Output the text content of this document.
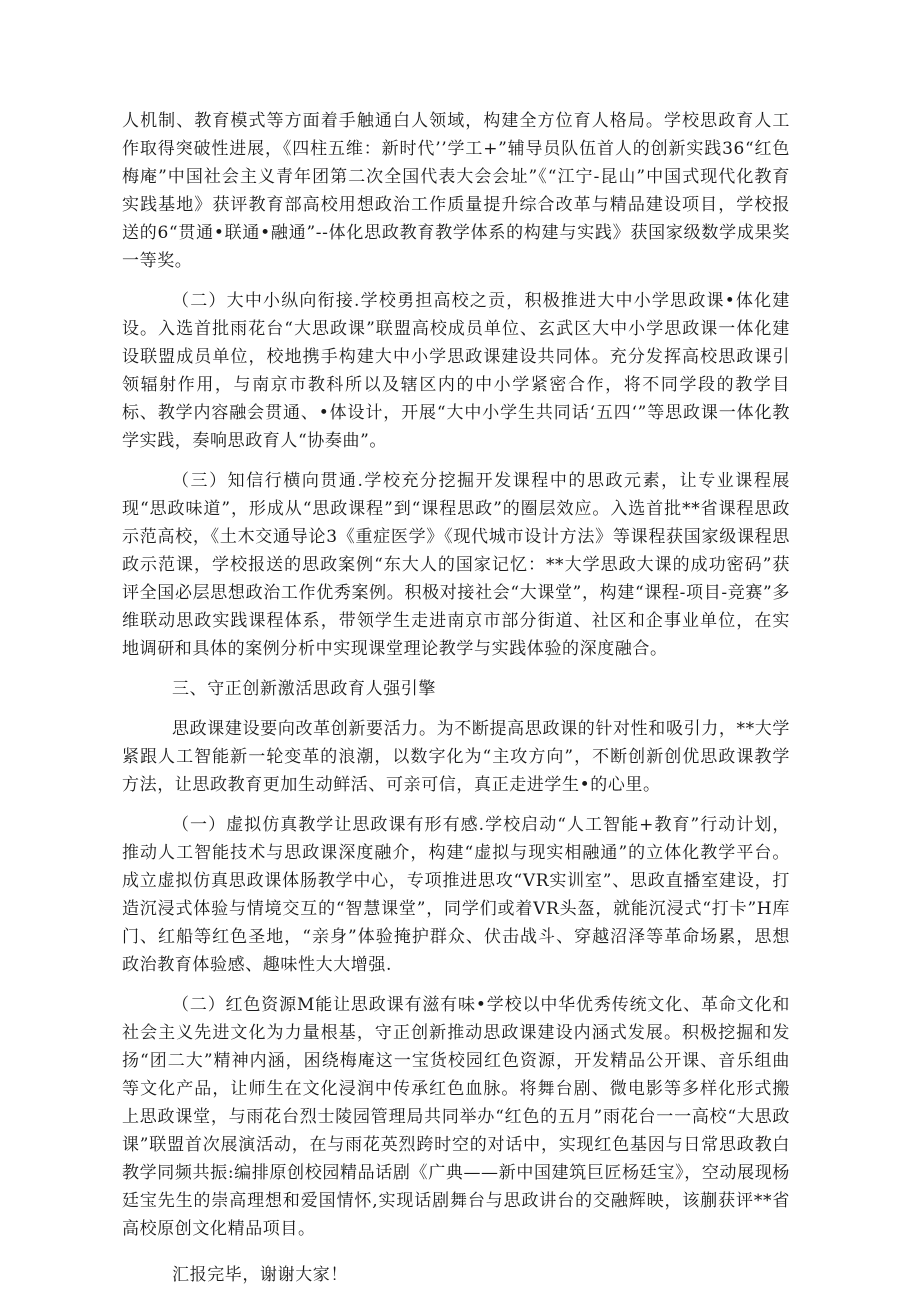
人机制、教育模式等方面着手触通白人领域，构建全方位育人格局。学校思政育人工作取得突破性进展，《四柱五维：新时代’’学工+”辅导员队伍首人的创新实践36“红色梅庵”中国社会主义青年团第二次全国代表大会会址”《“江宁-昆山”中国式现代化教育实践基地》获评教育部高校用想政治工作质量提升综合改革与精品建设项目，学校报送的6“贯通•联通•融通”--体化思政教育教学体系的构建与实践》获国家级数学成果奖一等奖。

（二）大中小纵向衔接.学校勇担高校之贡，积极推进大中小学思政课•体化建设。入选首批雨花台“大思政课”联盟高校成员单位、玄武区大中小学思政课一体化建设联盟成员单位，校地携手构建大中小学思政课建设共同体。充分发挥高校思政课引领辐射作用，与南京市教科所以及辖区内的中小学紧密合作，将不同学段的教学目标、教学内容融会贯通、•体设计，开展“大中小学生共同话‘五四‘”等思政课一体化教学实践，奏响思政育人“协奏曲”。

（三）知信行横向贯通.学校充分挖掘开发课程中的思政元素，让专业课程展现“思政味道”，形成从“思政课程”到“课程思政”的圈层效应。入选首批**省课程思政示范高校，《土木交通导论3《重症医学》《现代城市设计方法》等课程获国家级课程思政示范课，学校报送的思政案例“东大人的国家记忆：**大学思政大课的成功密码”获评全国必层思想政治工作优秀案例。积极对接社会“大课堂”，构建“课程-项目-竞赛”多维联动思政实践课程体系，带领学生走进南京市部分街道、社区和企事业单位，在实地调研和具体的案例分析中实现课堂理论教学与实践体验的深度融合。

三、守正创新激活思政育人强引擎

思政课建设要向改革创新要活力。为不断提高思政课的针对性和吸引力，**大学紧跟人工智能新一轮变革的浪潮，以数字化为“主攻方向”，不断创新创优思政课教学方法，让思政教育更加生动鲜活、可亲可信，真正走进学生•的心里。

（一）虚拟仿真教学让思政课有形有感.学校启动“人工智能+教育”行动计划，推动人工智能技术与思政课深度融介，构建“虚拟与现实相融通”的立体化教学平台。成立虚拟仿真思政课体肠教学中心，专项推进思攻“VR实训室”、思政直播室建设，打造沉浸式体验与情境交互的“智慧课堂”，同学们或着VR头盔，就能沉浸式“打卡”H库门、红船等红色圣地，“亲身”体验掩护群众、伏击战斗、穿越沼泽等革命场累，思想政治教育体验感、趣味性大大增强.

（二）红色资源M能让思政课有滋有味•学校以中华优秀传统文化、革命文化和社会主义先进文化为力量根基，守正创新推动思政课建设内涵式发展。积极挖掘和发扬“团二大”精神内涵，困绕梅庵这一宝货校园红色资源，开发精品公开课、音乐组曲等文化产品，让师生在文化浸润中传承红色血脉。将舞台剧、微电影等多样化形式搬上思政课堂，与雨花台烈士陵园管理局共同举办“红色的五月”雨花台一一高校“大思政课”联盟首次展演活动，在与雨花英烈跨时空的对话中，实现红色基因与日常思政教白教学同频共振:编排原创校园精品话剧《广典——新中国建筑巨匠杨廷宝》，空动展现杨廷宝先生的崇高理想和爱国情怀,实现话剧舞台与思政讲台的交融辉映，该蒯获评**省高校原创文化精品项目。

汇报完毕，谢谢大家！
